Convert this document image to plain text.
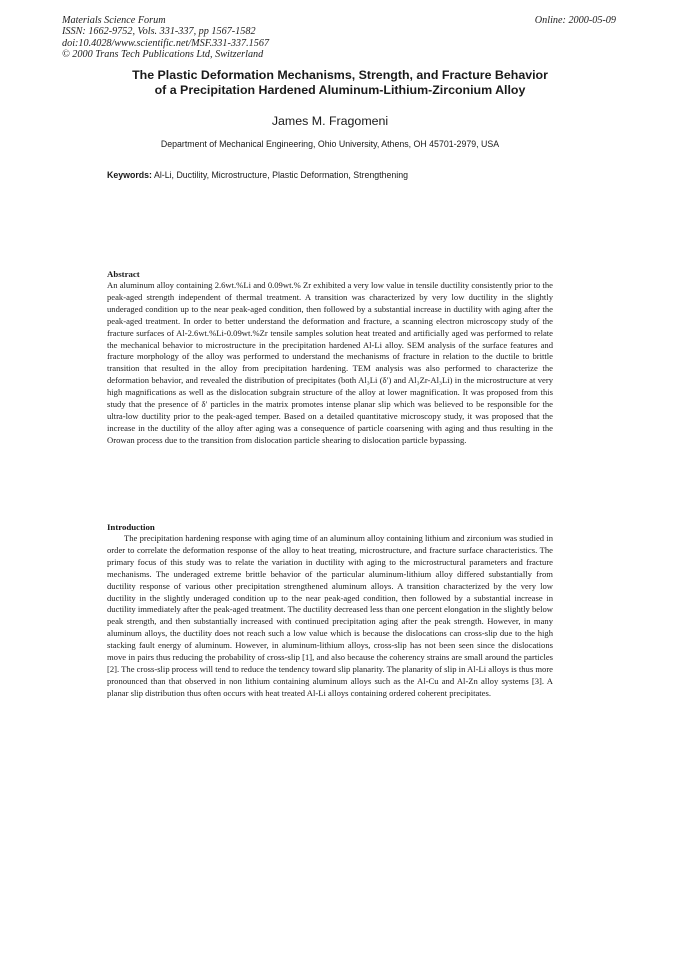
Materials Science Forum
ISSN: 1662-9752, Vols. 331-337, pp 1567-1582
doi:10.4028/www.scientific.net/MSF.331-337.1567
© 2000 Trans Tech Publications Ltd, Switzerland
Online: 2000-05-09
The Plastic Deformation Mechanisms, Strength, and Fracture Behavior
of a Precipitation Hardened Aluminum-Lithium-Zirconium Alloy
James M. Fragomeni
Department of Mechanical Engineering, Ohio University, Athens, OH 45701-2979, USA
Keywords: Al-Li, Ductility, Microstructure, Plastic Deformation, Strengthening
Abstract

An aluminum alloy containing 2.6wt.%Li and 0.09wt.% Zr exhibited a very low value in tensile ductility consistently prior to the peak-aged strength independent of thermal treatment. A transition was characterized by very low ductility in the slightly underaged condition up to the near peak-aged condition, then followed by a substantial increase in ductility with aging after the peak-aged treatment. In order to better understand the deformation and fracture, a scanning electron microscopy study of the fracture surfaces of Al-2.6wt.%Li-0.09wt.%Zr tensile samples solution heat treated and artificially aged was performed to relate the mechanical behavior to microstructure in the precipitation hardened Al-Li alloy. SEM analysis of the surface features and fracture morphology of the alloy was performed to understand the mechanisms of fracture in relation to the ductile to brittle transition that resulted in the alloy from precipitation hardening. TEM analysis was also performed to characterize the deformation behavior, and revealed the distribution of precipitates (both Al₃Li (δ′) and Al₃Zr-Al₃Li) in the microstructure at very high magnifications as well as the dislocation subgrain structure of the alloy at lower magnification. It was proposed from this study that the presence of δ′ particles in the matrix promotes intense planar slip which was believed to be responsible for the ultra-low ductility prior to the peak-aged temper. Based on a detailed quantitative microscopy study, it was proposed that the increase in the ductility of the alloy after aging was a consequence of particle coarsening with aging and thus resulting in the Orowan process due to the transition from dislocation particle shearing to dislocation particle bypassing.

Introduction

The precipitation hardening response with aging time of an aluminum alloy containing lithium and zirconium was studied in order to correlate the deformation response of the alloy to heat treating, microstructure, and fracture surface characteristics. The primary focus of this study was to relate the variation in ductility with aging to the microstructural parameters and fracture mechanisms. The underaged extreme brittle behavior of the particular aluminum-lithium alloy differed substantially from ductility response of various other precipitation strengthened aluminum alloys. A transition characterized by the very low ductility in the slightly underaged condition up to the near peak-aged condition, then followed by a substantial increase in ductility immediately after the peak-aged treatment. The ductility decreased less than one percent elongation in the slightly below peak strength, and then substantially increased with continued precipitation aging after the peak strength. However, in many aluminum alloys, the ductility does not reach such a low value which is because the dislocations can cross-slip due to the high stacking fault energy of aluminum. However, in aluminum-lithium alloys, cross-slip has not been seen since the dislocations move in pairs thus reducing the probability of cross-slip [1], and also because the coherency strains are small around the particles [2]. The cross-slip process will tend to reduce the tendency toward slip planarity. The planarity of slip in Al-Li alloys is thus more pronounced than that observed in non lithium containing aluminum alloys such as the Al-Cu and Al-Zn alloy systems [3]. A planar slip distribution thus often occurs with heat treated Al-Li alloys containing ordered coherent precipitates.
